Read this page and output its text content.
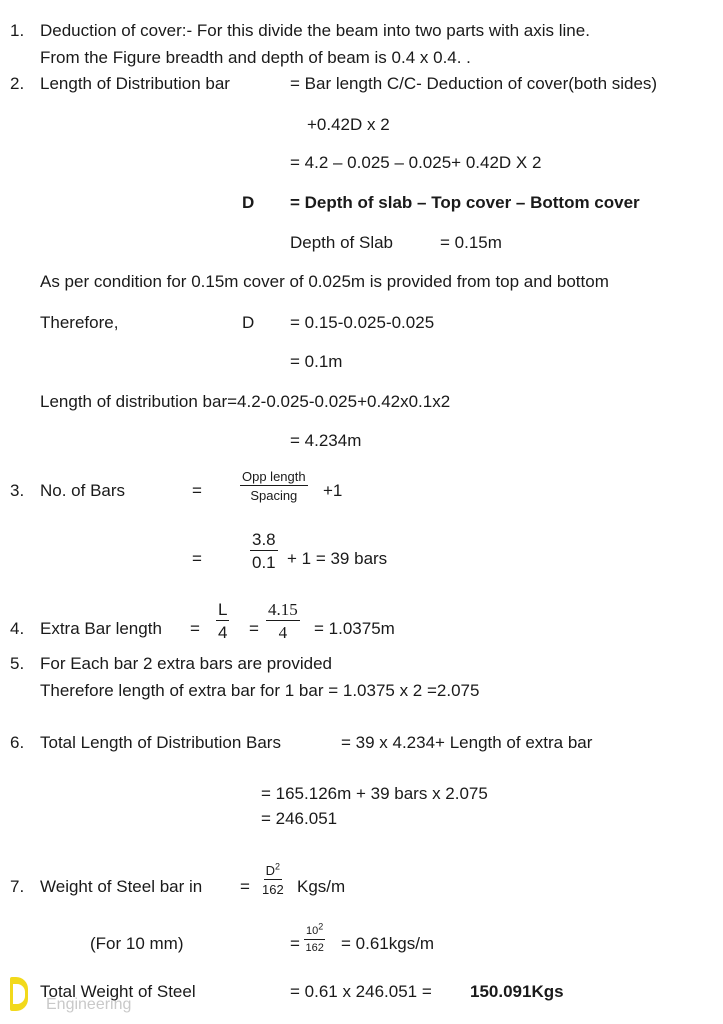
1. Deduction of cover:- For this divide the beam into two parts with axis line.
From the Figure breadth and depth of beam is 0.4 x 0.4. .
2. Length of Distribution bar	= Bar length C/C- Deduction of cover(both sides)
+0.42D x 2
= 4.2 – 0.025 – 0.025+ 0.42D X 2
D = Depth of slab – Top cover – Bottom cover
Depth of Slab	= 0.15m
As per condition for 0.15m cover of 0.025m is provided from top and bottom
Therefore,	D = 0.15-0.025-0.025
= 0.1m
Length of distribution bar=4.2-0.025-0.025+0.42x0.1x2
= 4.234m
3. No. of Bars	=
Opp length
Spacing +1
=	$\frac{3.8}{0.1} + 1 = 39$ bars
4. Extra Bar length = $\frac{L}{4} = \frac{4.15}{4} = 1.0375m$
5. For Each bar 2 extra bars are provided
Therefore length of extra bar for 1 bar = 1.0375 x 2 =2.075
6. Total Length of Distribution Bars	= 39 x 4.234+ Length of extra bar
= 165.126m + 39 bars x 2.075
= 246.051
7. Weight of Steel bar in = $\frac{D^2}{162} Kgs/m$
(For 10 mm)	= $\frac{10^2}{162} = 0.61kgs/m$
Total Weight of Steel
Engineering
= 0.61 x 246.051 = 150.091Kgs
